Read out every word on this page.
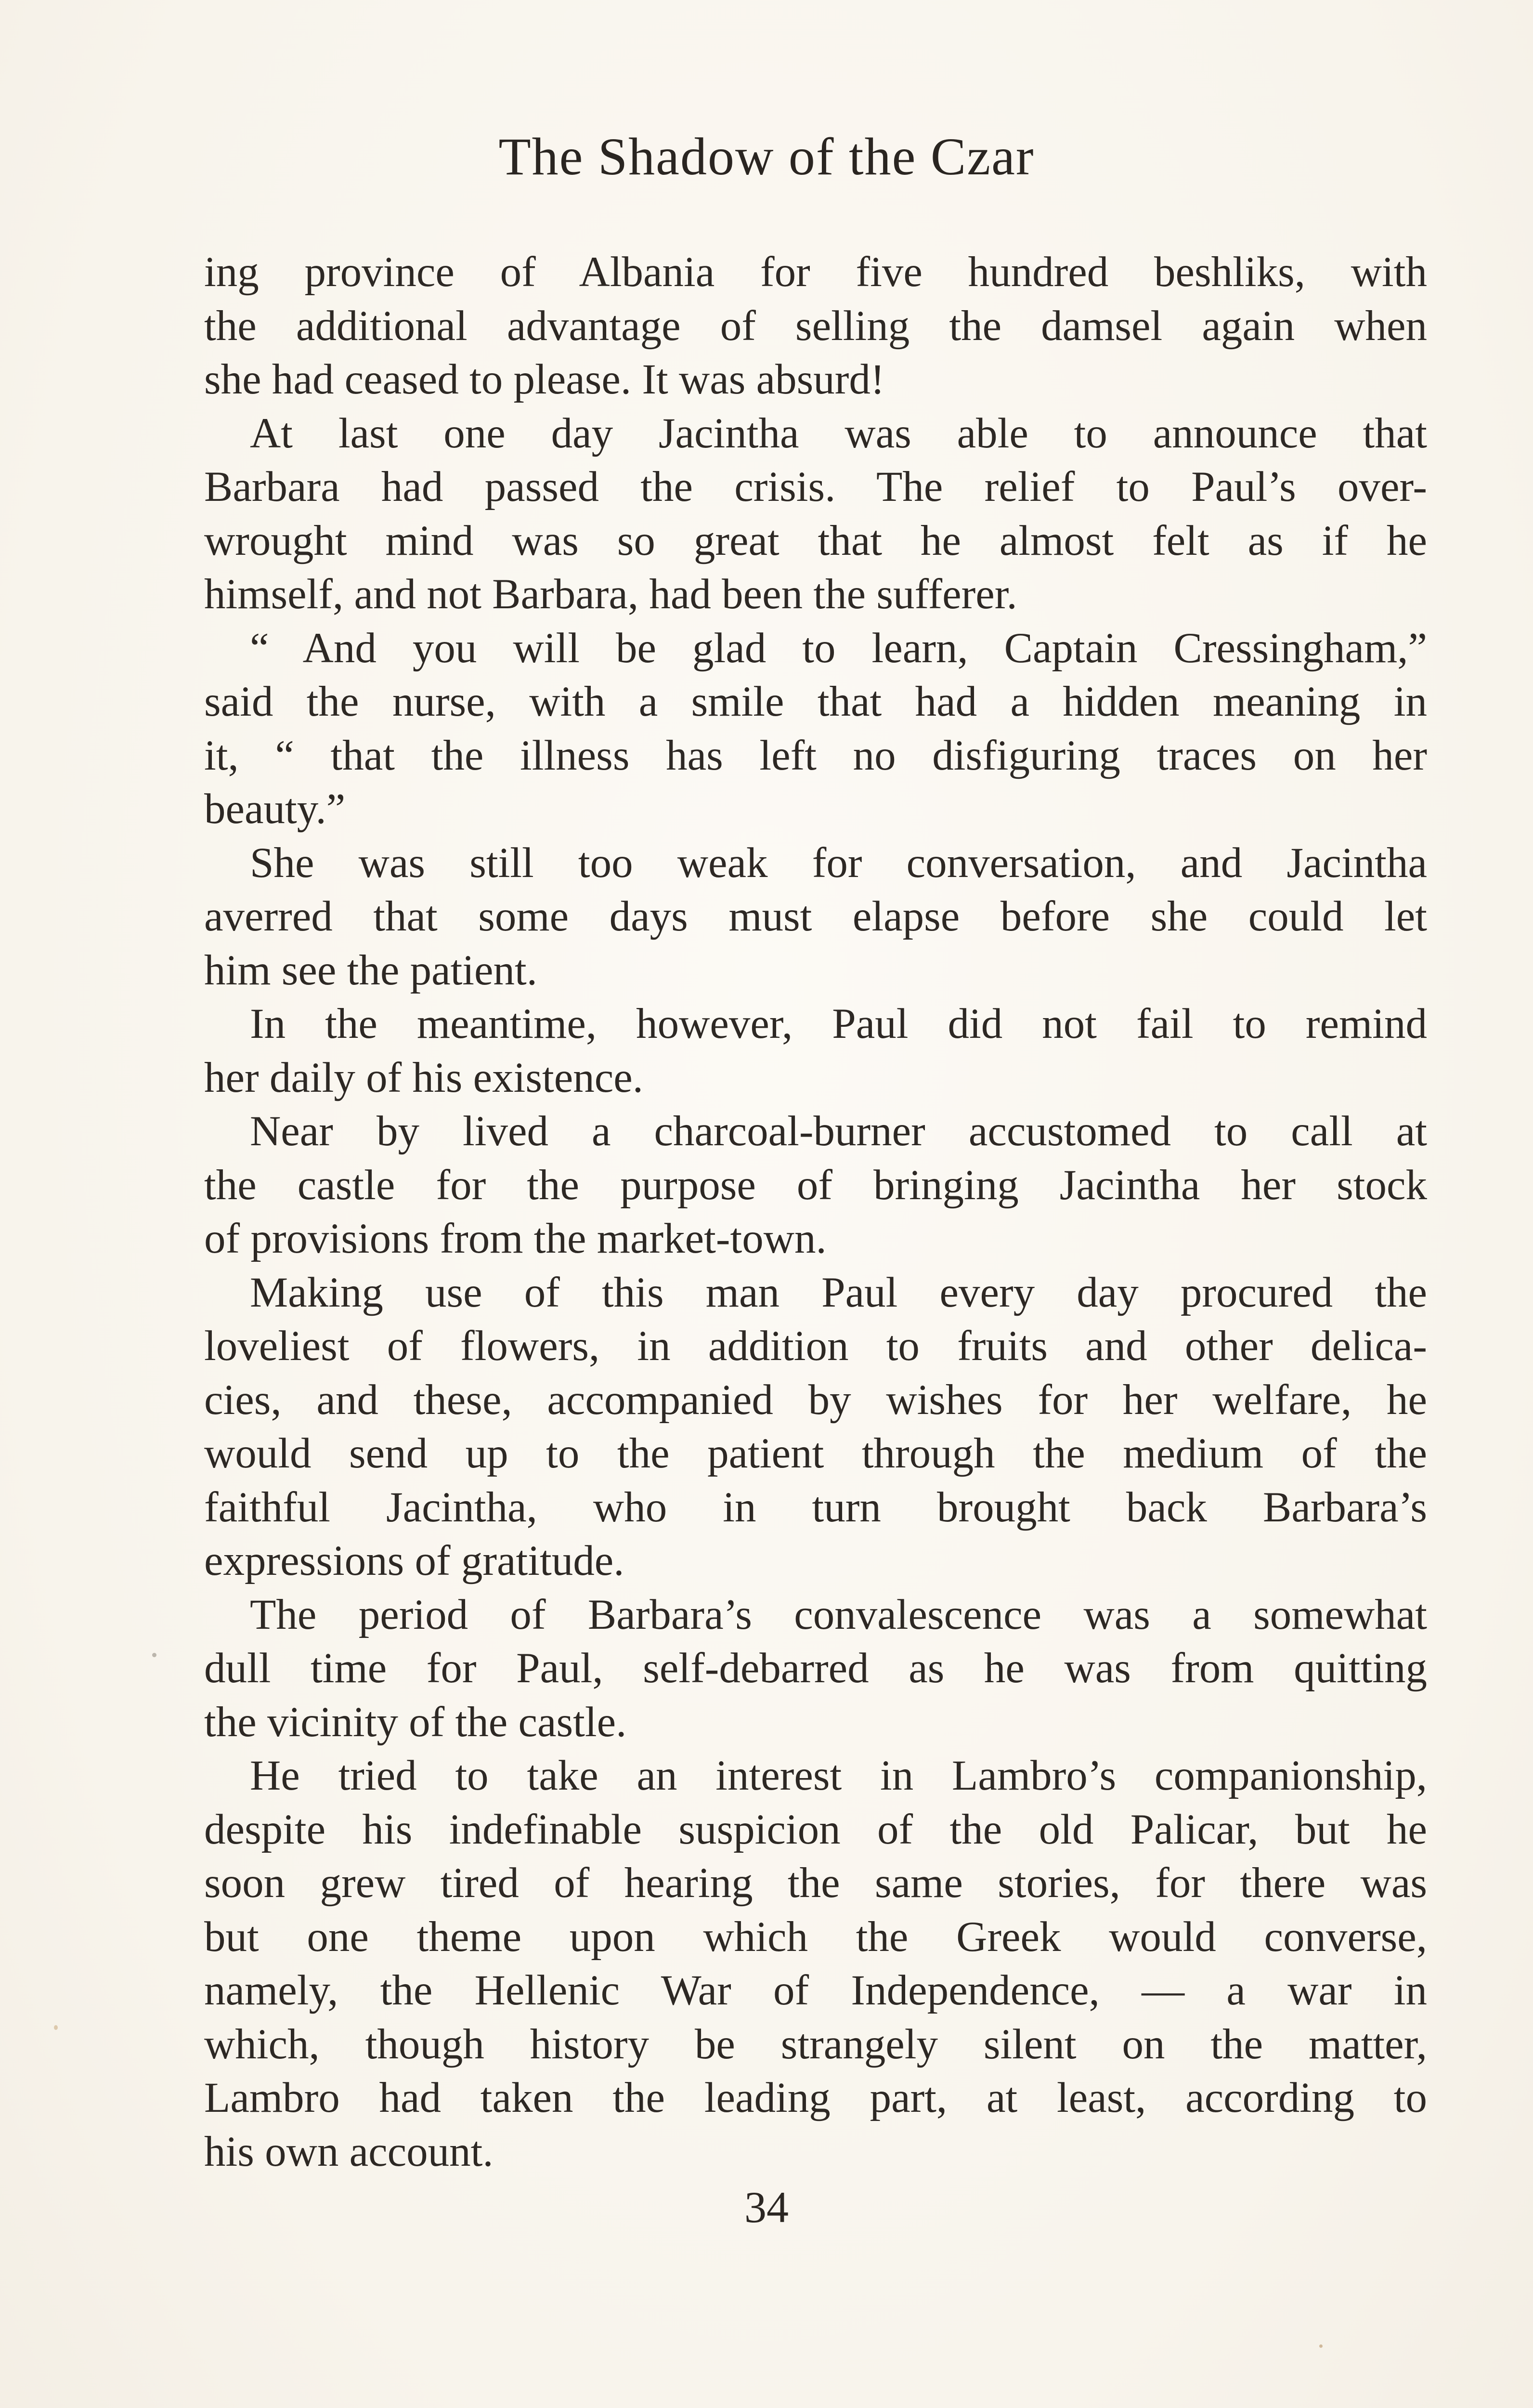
The Shadow of the Czar
ing province of Albania for five hundred beshliks, with
the additional advantage of selling the damsel again when
she had ceased to please. It was absurd!
At last one day Jacintha was able to announce that
Barbara had passed the crisis. The relief to Paul’s over-
wrought mind was so great that he almost felt as if he
himself, and not Barbara, had been the sufferer.
“ And you will be glad to learn, Captain Cressingham,”
said the nurse, with a smile that had a hidden meaning in
it, “ that the illness has left no disfiguring traces on her
beauty.”
She was still too weak for conversation, and Jacintha
averred that some days must elapse before she could let
him see the patient.
In the meantime, however, Paul did not fail to remind
her daily of his existence.
Near by lived a charcoal-burner accustomed to call at
the castle for the purpose of bringing Jacintha her stock
of provisions from the market-town.
Making use of this man Paul every day procured the
loveliest of flowers, in addition to fruits and other delica-
cies, and these, accompanied by wishes for her welfare, he
would send up to the patient through the medium of the
faithful Jacintha, who in turn brought back Barbara’s
expressions of gratitude.
The period of Barbara’s convalescence was a somewhat
dull time for Paul, self-debarred as he was from quitting
the vicinity of the castle.
He tried to take an interest in Lambro’s companionship,
despite his indefinable suspicion of the old Palicar, but he
soon grew tired of hearing the same stories, for there was
but one theme upon which the Greek would converse,
namely, the Hellenic War of Independence, — a war in
which, though history be strangely silent on the matter,
Lambro had taken the leading part, at least, according to
his own account.
34
